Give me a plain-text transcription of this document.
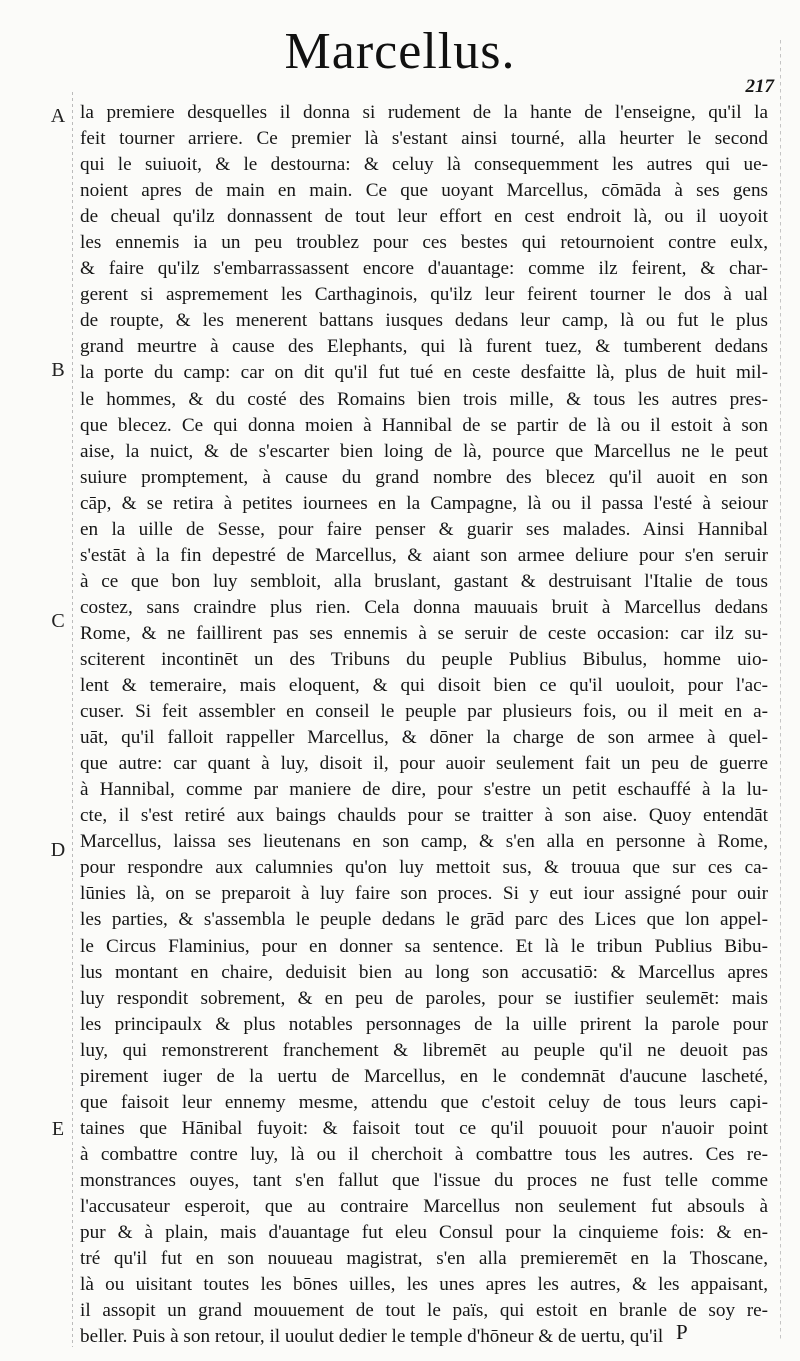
Marcellus.
217
A
B
C
D
E
la premiere desquelles il donna si rudement de la hante de l'enseigne, qu'il la
feit tourner arriere. Ce premier là s'estant ainsi tourné, alla heurter le second
qui le suiuoit, & le destourna: & celuy là consequemment les autres qui ue-
noient apres de main en main. Ce que uoyant Marcellus, cōmāda à ses gens
de cheual qu'ilz donnassent de tout leur effort en cest endroit là, ou il uoyoit
les ennemis ia un peu troublez pour ces bestes qui retournoient contre eulx,
& faire qu'ilz s'embarrassassent encore d'auantage: comme ilz feirent, & char-
gerent si aspremement les Carthaginois, qu'ilz leur feirent tourner le dos à ual
de roupte, & les menerent battans iusques dedans leur camp, là ou fut le plus
grand meurtre à cause des Elephants, qui là furent tuez, & tumberent dedans
la porte du camp: car on dit qu'il fut tué en ceste desfaitte là, plus de huit mil-
le hommes, & du costé des Romains bien trois mille, & tous les autres pres-
que blecez. Ce qui donna moien à Hannibal de se partir de là ou il estoit à son
aise, la nuict, & de s'escarter bien loing de là, pource que Marcellus ne le peut
suiure promptement, à cause du grand nombre des blecez qu'il auoit en son
cāp, & se retira à petites iournees en la Campagne, là ou il passa l'esté à seiour
en la uille de Sesse, pour faire penser & guarir ses malades. Ainsi Hannibal
s'estāt à la fin depestré de Marcellus, & aiant son armee deliure pour s'en seruir
à ce que bon luy sembloit, alla bruslant, gastant & destruisant l'Italie de tous
costez, sans craindre plus rien. Cela donna mauuais bruit à Marcellus dedans
Rome, & ne faillirent pas ses ennemis à se seruir de ceste occasion: car ilz su-
sciterent incontinēt un des Tribuns du peuple Publius Bibulus, homme uio-
lent & temeraire, mais eloquent, & qui disoit bien ce qu'il uouloit, pour l'ac-
cuser. Si feit assembler en conseil le peuple par plusieurs fois, ou il meit en a-
uāt, qu'il falloit rappeller Marcellus, & dōner la charge de son armee à quel-
que autre: car quant à luy, disoit il, pour auoir seulement fait un peu de guerre
à Hannibal, comme par maniere de dire, pour s'estre un petit eschauffé à la lu-
cte, il s'est retiré aux baings chaulds pour se traitter à son aise. Quoy entendāt
Marcellus, laissa ses lieutenans en son camp, & s'en alla en personne à Rome,
pour respondre aux calumnies qu'on luy mettoit sus, & trouua que sur ces ca-
lūnies là, on se preparoit à luy faire son proces. Si y eut iour assigné pour ouir
les parties, & s'assembla le peuple dedans le grād parc des Lices que lon appel-
le Circus Flaminius, pour en donner sa sentence. Et là le tribun Publius Bibu-
lus montant en chaire, deduisit bien au long son accusatiō: & Marcellus apres
luy respondit sobrement, & en peu de paroles, pour se iustifier seulemēt: mais
les principaulx & plus notables personnages de la uille prirent la parole pour
luy, qui remonstrerent franchement & libremēt au peuple qu'il ne deuoit pas
pirement iuger de la uertu de Marcellus, en le condemnāt d'aucune lascheté,
que faisoit leur ennemy mesme, attendu que c'estoit celuy de tous leurs capi-
taines que Hānibal fuyoit: & faisoit tout ce qu'il pouuoit pour n'auoir point
à combattre contre luy, là ou il cherchoit à combattre tous les autres. Ces re-
monstrances ouyes, tant s'en fallut que l'issue du proces ne fust telle comme
l'accusateur esperoit, que au contraire Marcellus non seulement fut absouls à
pur & à plain, mais d'auantage fut eleu Consul pour la cinquieme fois: & en-
tré qu'il fut en son nouueau magistrat, s'en alla premieremēt en la Thoscane,
là ou uisitant toutes les bōnes uilles, les unes apres les autres, & les appaisant,
il assopit un grand mouuement de tout le païs, qui estoit en branle de soy re-
beller. Puis à son retour, il uoulut dedier le temple d'hōneur & de uertu, qu'il P
